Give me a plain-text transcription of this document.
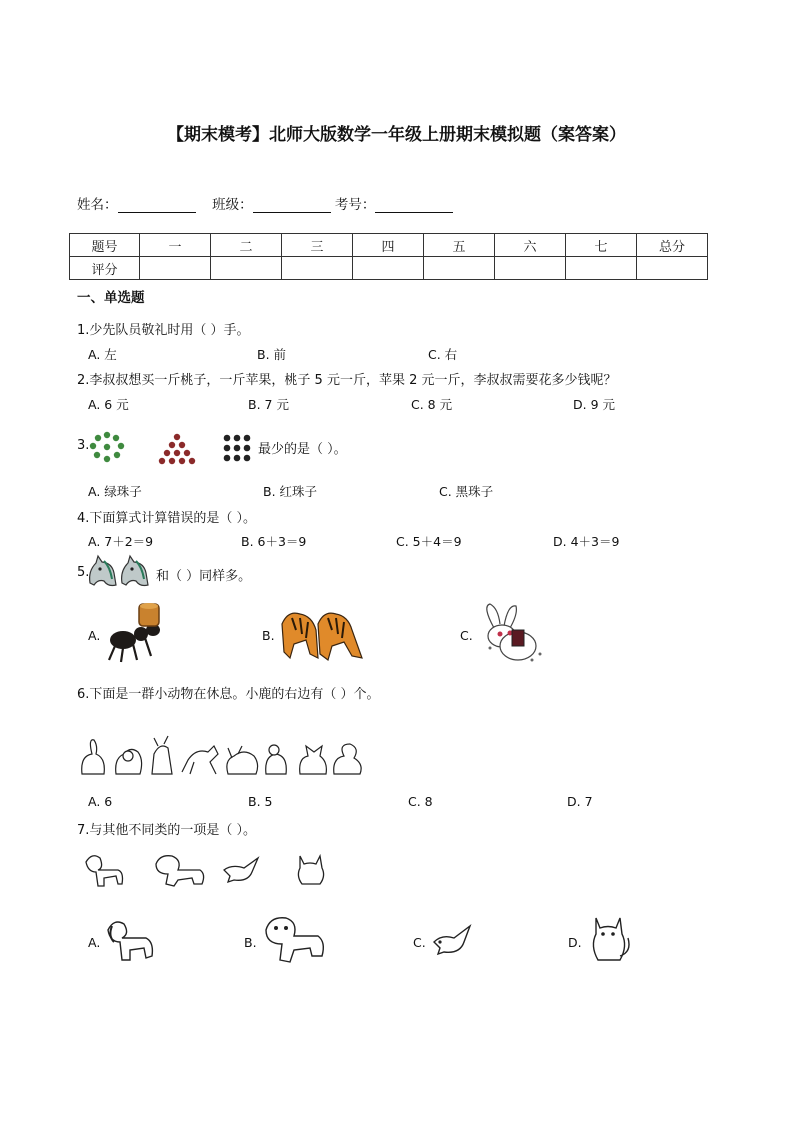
【期末模考】北师大版数学一年级上册期末模拟题（案答案）
姓名：	班级：	考号：
题号	一	二	三	四	五	六	七	总分
评分								
一、单选题
1.少先队员敬礼时用（ ）手。
A. 左	B. 前	C. 右
2.李叔叔想买一斤桃子，一斤苹果，桃子 5 元一斤，苹果 2 元一斤，李叔叔需要花多少钱呢？
A. 6 元	B. 7 元	C. 8 元	D. 9 元
3.	最少的是（ ）。
A. 绿珠子	B. 红珠子	C. 黑珠子
4.下面算式计算错误的是（ ）。
A. 7＋2＝9	B. 6＋3＝9	C. 5＋4＝9	D. 4＋3＝9
5.	和（ ）同样多。
A.	B.	C.
6.下面是一群小动物在休息。小鹿的右边有（ ）个。
A. 6	B. 5	C. 8	D. 7
7.与其他不同类的一项是（ ）。
A.	B.	C.	D.
